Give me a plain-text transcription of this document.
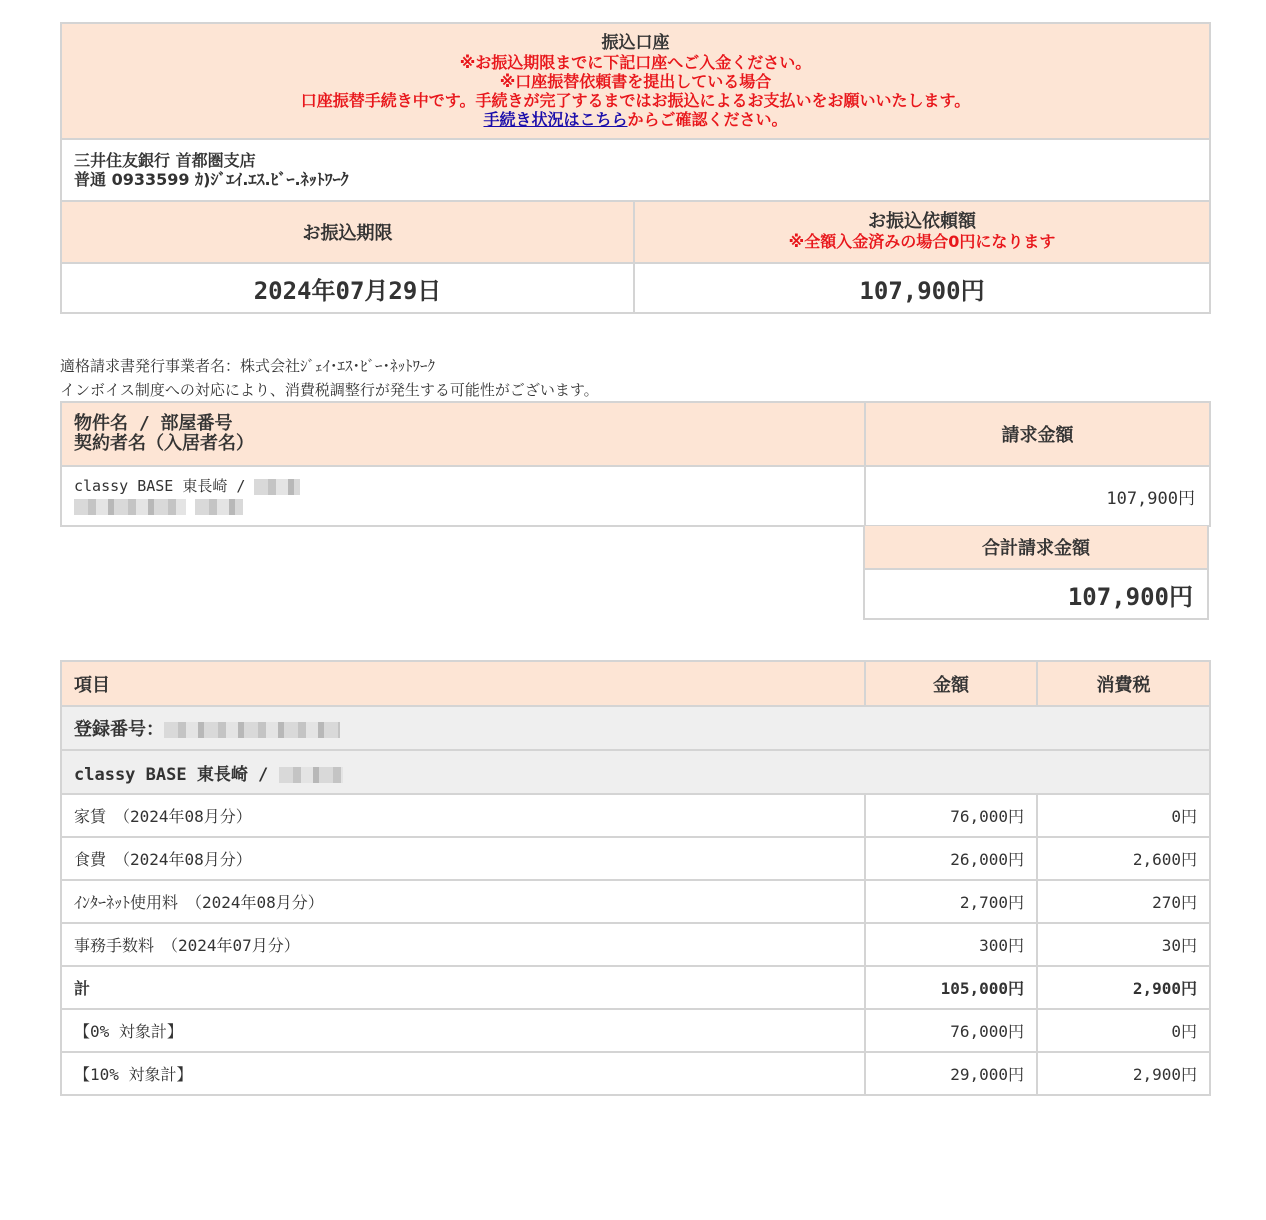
振込口座
※お振込期限までに下記口座へご入金ください。
※口座振替依頼書を提出している場合
口座振替手続き中です。手続きが完了するまではお振込によるお支払いをお願いいたします。
手続き状況はこちらからご確認ください。	

三井住友銀行 首都圏支店
普通 0933599 ｶ)ｼﾞｴｲ.ｴｽ.ﾋﾞｰ.ﾈｯﾄﾜｰｸ	

お振込期限	お振込依頼額
※全額入金済みの場合0円になります

2024年07月29日	107,900円
適格請求書発行事業者名：株式会社ｼﾞｪｲ･ｴｽ･ﾋﾞｰ･ﾈｯﾄﾜｰｸ
インボイス制度への対応により、消費税調整行が発生する可能性がございます。
物件名 / 部屋番号
契約者名（入居者名）	請求金額

classy BASE 東長崎 /	107,900円
合計請求金額
107,900円
項目	金額	消費税
登録番号：		
classy BASE 東長崎 /		
家賃　（2024年08月分）	76,000円	0円
食費　（2024年08月分）	26,000円	2,600円
ｲﾝﾀｰﾈｯﾄ使用料　（2024年08月分）	2,700円	270円
事務手数料　（2024年07月分）	300円	30円
計	105,000円	2,900円
【0% 対象計】	76,000円	0円
【10% 対象計】	29,000円	2,900円
